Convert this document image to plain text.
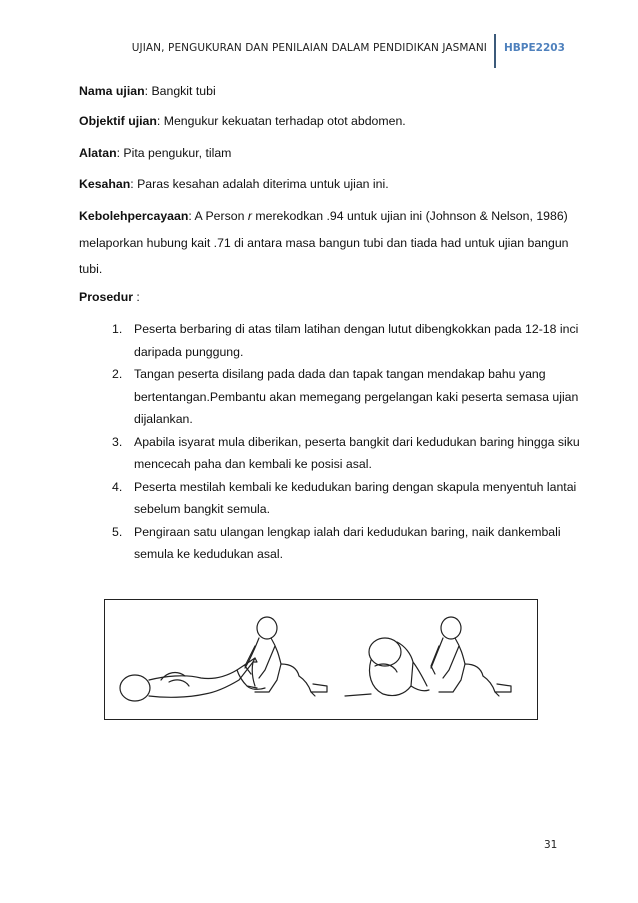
UJIAN, PENGUKURAN DAN PENILAIAN DALAM PENDIDIKAN JASMANI HBPE2203
Nama ujian: Bangkit tubi
Objektif ujian: Mengukur kekuatan terhadap otot abdomen.
Alatan: Pita pengukur, tilam
Kesahan: Paras kesahan adalah diterima untuk ujian ini.
Kebolehpercayaan: A Person r merekodkan .94 untuk ujian ini (Johnson & Nelson, 1986) melaporkan hubung kait .71 di antara masa bangun tubi dan tiada had untuk ujian bangun tubi.
Prosedur :
1. Peserta berbaring di atas tilam latihan dengan lutut dibengkokkan pada 12-18 inci daripada punggung.
2. Tangan peserta disilang pada dada dan tapak tangan mendakap bahu yang bertentangan.Pembantu akan memegang pergelangan kaki peserta semasa ujian dijalankan.
3. Apabila isyarat mula diberikan, peserta bangkit dari kedudukan baring hingga siku mencecah paha dan kembali ke posisi asal.
4. Peserta mestilah kembali ke kedudukan baring dengan skapula menyentuh lantai sebelum bangkit semula.
5. Pengiraan satu ulangan lengkap ialah dari kedudukan baring, naik dankembali semula ke kedudukan asal.
31
